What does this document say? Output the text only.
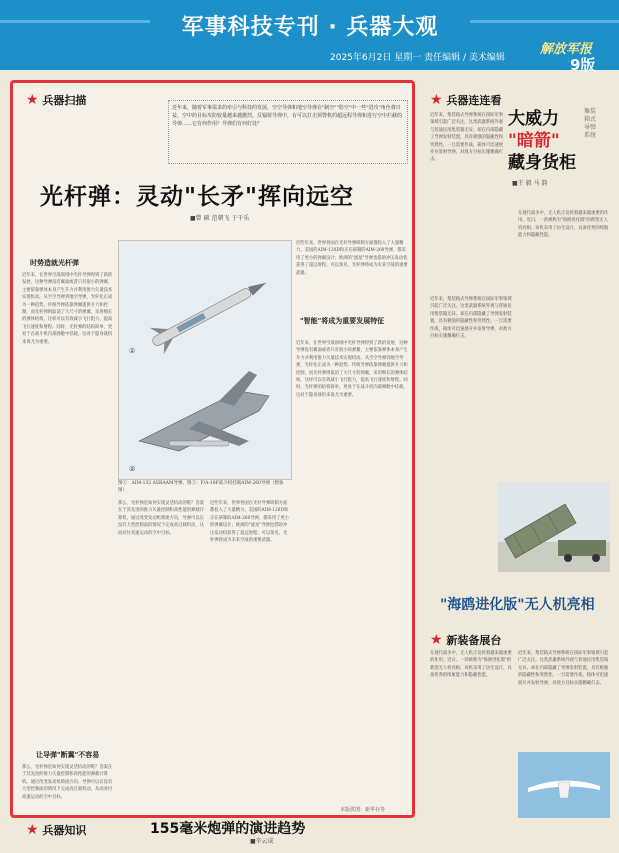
军事科技专刊 · 兵器大观
2025年6月2日 星期一 责任编辑 / 美术编辑
解放军报
9版
★ 兵器扫描
近年来，随着军事需求的牵引与科技的发展，空空导弹和地空导弹在"制空""防空"中一些"进攻"角色将日益，空中的目标攻防较量越来越激烈。反辐射导弹中，有可以打击预警机的超远程导弹和进行空中拦截的导弹……它有何作用？导弹们有何好处？
光杆弹：灵动"长矛"挥向远空
■曾 硕 范朝飞 于千乐
时势造就光杆弹
近年来，在世界空战领域中光杆导弹得到了新的发展，这种导弹没有翼面或者只有很小的弹翼，主要依靠弹体本身产生升力并利用推力矢量技术实现机动。从空空导弹到地空导弹，光杆化正成为一种趋势。传统导弹依靠弹翼提供升力和控制，而光杆弹则取消了大尺寸的弹翼，采用细长的弹体结构，这样可以有效减小飞行阻力，提高飞行速度和射程。同时，光杆弹的结构简单，更易于在战斗机内部弹舱中挂载，这对于隐身战机来说尤为重要。
让导弹"断翼"不容易
那么，光杆弹是如何实现灵活机动的呢？答案在于其先进的推力矢量控制和高性能的弹载计算机。通过改变发动机喷流方向，导弹可以在没有大型控制面的情况下完成高过载机动，从而对付高速运动的空中目标。
①
②
图①：AIM-132 ASRAAM导弹。图②：F/A-18F战斗机挂载AIM-260导弹（想象图）
那么，光杆弹是如何实现灵活机动的呢？答案在于其先进的推力矢量控制和高性能的弹载计算机。通过改变发动机喷流方向，导弹可以在没有大型控制面的情况下完成高过载机动，从而对付高速运动的空中目标。
近些年来，世界各国在光杆导弹研制方面都投入了大量精力。美国的AIM-120D和正在研制的AIM-260导弹，都采用了更小的弹翼设计；欧洲的"流星"导弹也借助冲压发动机获得了超远射程。可以预见，光杆弹将成为未来空战的重要武器。
近些年来，世界各国在光杆导弹研制方面都投入了大量精力。美国的AIM-120D和正在研制的AIM-260导弹，都采用了更小的弹翼设计；欧洲的"流星"导弹也借助冲压发动机获得了超远射程。可以预见，光杆弹将成为未来空战的重要武器。
"智能"将成为重要发展特征
近年来，在世界空战领域中光杆导弹得到了新的发展，这种导弹没有翼面或者只有很小的弹翼，主要依靠弹体本身产生升力并利用推力矢量技术实现机动。从空空导弹到地空导弹，光杆化正成为一种趋势。传统导弹依靠弹翼提供升力和控制，而光杆弹则取消了大尺寸的弹翼，采用细长的弹体结构，这样可以有效减小飞行阻力，提高飞行速度和射程。同时，光杆弹的结构简单，更易于在战斗机内部弹舱中挂载，这对于隐身战机来说尤为重要。
本版供图：新华社等
★ 兵器连连看
近年来，集装箱式导弹系统在国际军事领域引起广泛关注。这类武器系统外观与普通民用集装箱无异，却在内部隐藏了导弹发射装置，具有极强的隐蔽性和突然性。一旦需要作战，箱体可迅速展开并发射导弹，对敌方目标实施精确打击。
大威力
"暗箭"
藏身货柜
集装箱式导弹系统
■王 毅 马 韵
近年来，集装箱式导弹系统在国际军事领域引起广泛关注。这类武器系统外观与普通民用集装箱无异，却在内部隐藏了导弹发射装置，具有极强的隐蔽性和突然性。一旦需要作战，箱体可迅速展开并发射导弹，对敌方目标实施精确打击。
在现代战争中，无人机正发挥着越来越重要的作用。近日，一款被称为"海鸥进化版"的新型无人机亮相，该机采用了仿生设计，具备优秀的续航能力和隐蔽性能。
"海鸥进化版"无人机亮相
★ 新装备展台
在现代战争中，无人机正发挥着越来越重要的作用。近日，一款被称为"海鸥进化版"的新型无人机亮相，该机采用了仿生设计，具备优秀的续航能力和隐蔽性能。
近年来，集装箱式导弹系统在国际军事领域引起广泛关注。这类武器系统外观与普通民用集装箱无异，却在内部隐藏了导弹发射装置，具有极强的隐蔽性和突然性。一旦需要作战，箱体可迅速展开并发射导弹，对敌方目标实施精确打击。
★ 兵器知识	155毫米炮弹的演进趋势
■辛云成
